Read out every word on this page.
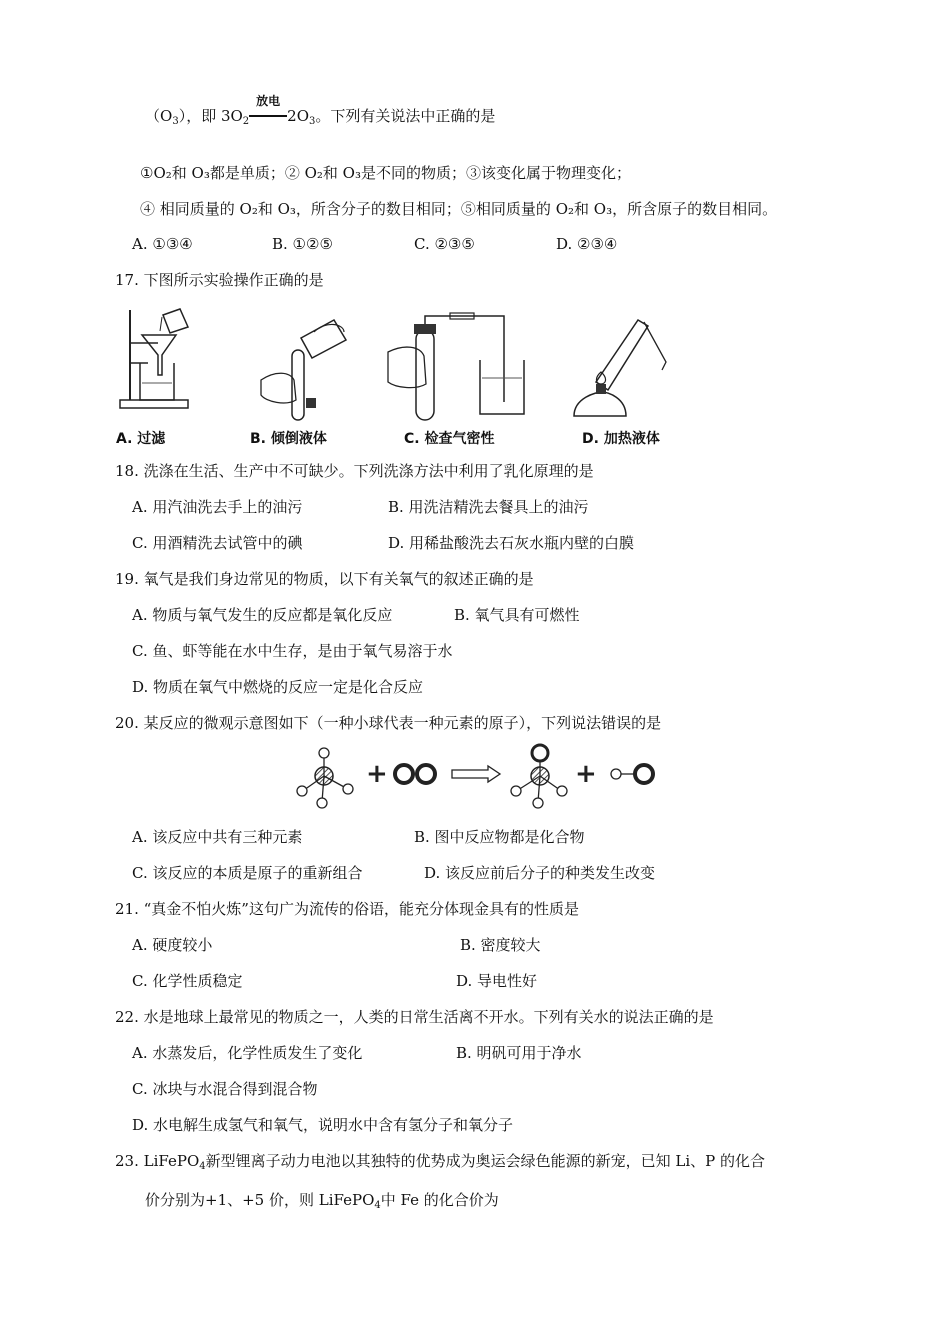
$(O_3)$，即 $3O_2$
放电
$2O_3$。下列有关说法中正确的是
①O₂和 O₃都是单质；② O₂和 O₃是不同的物质；③该变化属于物理变化；
④ 相同质量的 O₂和 O₃，所含分子的数目相同；⑤相同质量的 O₂和 O₃，所含原子的数目相同。
A. ①③④	B. ①②⑤	C. ②③⑤	D. ②③④
17. 下图所示实验操作正确的是
A. 过滤	B. 倾倒液体	C. 检查气密性	D. 加热液体
18. 洗涤在生活、生产中不可缺少。下列洗涤方法中利用了乳化原理的是
A. 用汽油洗去手上的油污	B. 用洗洁精洗去餐具上的油污
C. 用酒精洗去试管中的碘	D. 用稀盐酸洗去石灰水瓶内壁的白膜
19. 氧气是我们身边常见的物质，以下有关氧气的叙述正确的是
A. 物质与氧气发生的反应都是氧化反应	B. 氧气具有可燃性
C. 鱼、虾等能在水中生存，是由于氧气易溶于水
D. 物质在氧气中燃烧的反应一定是化合反应
20. 某反应的微观示意图如下（一种小球代表一种元素的原子），下列说法错误的是
+	+
A. 该反应中共有三种元素	B. 图中反应物都是化合物
C. 该反应的本质是原子的重新组合	D. 该反应前后分子的种类发生改变
21. “真金不怕火炼”这句广为流传的俗语，能充分体现金具有的性质是
A. 硬度较小	B. 密度较大
C. 化学性质稳定	D. 导电性好
22. 水是地球上最常见的物质之一，人类的日常生活离不开水。下列有关水的说法正确的是
A. 水蒸发后，化学性质发生了变化	B. 明矾可用于净水
C. 冰块与水混合得到混合物
D. 水电解生成氢气和氧气，说明水中含有氢分子和氧分子
23. LiFePO$_4$新型锂离子动力电池以其独特的优势成为奥运会绿色能源的新宠，已知 Li、P 的化合
价分别为+1、+5 价，则 LiFePO$_4$中 Fe 的化合价为
